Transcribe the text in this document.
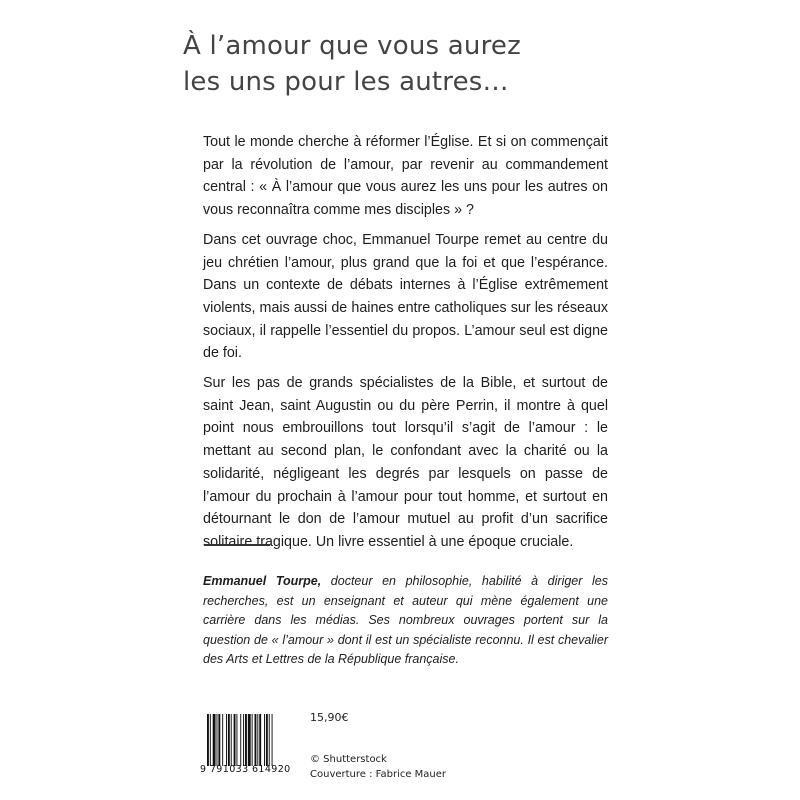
À l’amour que vous aurez
les uns pour les autres…

Tout le monde cherche à réformer l’Église. Et si on commençait par la révolution de l’amour, par revenir au commandement central : « À l’amour que vous aurez les uns pour les autres on vous reconnaîtra comme mes disciples » ?

Dans cet ouvrage choc, Emmanuel Tourpe remet au centre du jeu chrétien l’amour, plus grand que la foi et que l’espérance. Dans un contexte de débats internes à l’Église extrêmement violents, mais aussi de haines entre catholiques sur les réseaux sociaux, il rappelle l’essentiel du propos. L’amour seul est digne de foi.

Sur les pas de grands spécialistes de la Bible, et surtout de saint Jean, saint Augustin ou du père Perrin, il montre à quel point nous embrouillons tout lorsqu’il s’agit de l’amour : le mettant au second plan, le confondant avec la charité ou la solidarité, négligeant les degrés par lesquels on passe de l’amour du prochain à l’amour pour tout homme, et surtout en détournant le don de l’amour mutuel au profit d’un sacrifice solitaire tragique. Un livre essentiel à une époque cruciale.

Emmanuel Tourpe, docteur en philosophie, habilité à diriger les recherches, est un enseignant et auteur qui mène également une carrière dans les médias. Ses nombreux ouvrages portent sur la question de « l’amour » dont il est un spécialiste reconnu. Il est chevalier des Arts et Lettres de la République française.
9 791033 614920
15,90€
© Shutterstock
Couverture : Fabrice Mauer
